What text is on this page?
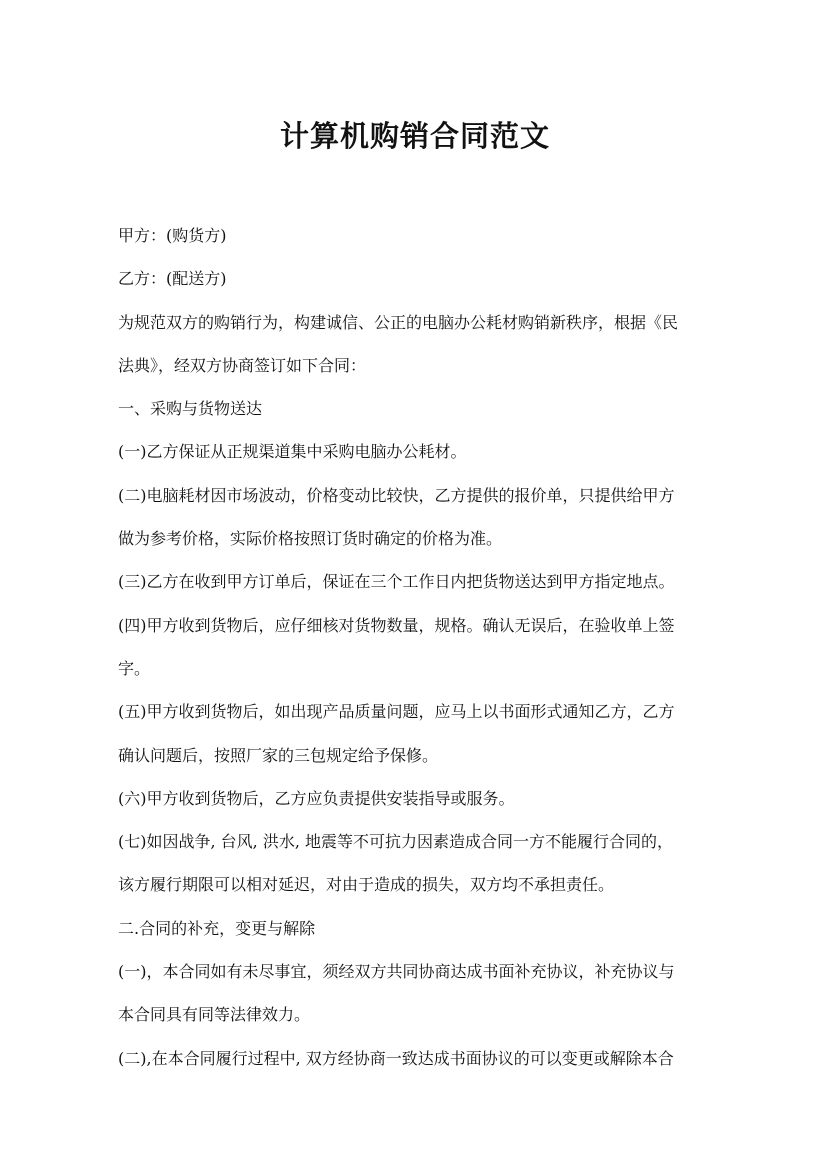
计算机购销合同范文
甲方：(购货方)
乙方：(配送方)
为规范双方的购销行为，构建诚信、公正的电脑办公耗材购销新秩序，根据《民
法典》，经双方协商签订如下合同：
一、采购与货物送达
(一)乙方保证从正规渠道集中采购电脑办公耗材。
(二)电脑耗材因市场波动，价格变动比较快，乙方提供的报价单，只提供给甲方
做为参考价格，实际价格按照订货时确定的价格为准。
(三)乙方在收到甲方订单后，保证在三个工作日内把货物送达到甲方指定地点。
(四)甲方收到货物后，应仔细核对货物数量，规格。确认无误后，在验收单上签
字。
(五)甲方收到货物后，如出现产品质量问题，应马上以书面形式通知乙方，乙方
确认问题后，按照厂家的三包规定给予保修。
(六)甲方收到货物后，乙方应负责提供安装指导或服务。
(七)如因战争, 台风, 洪水, 地震等不可抗力因素造成合同一方不能履行合同的，
该方履行期限可以相对延迟，对由于造成的损失，双方均不承担责任。
二.合同的补充，变更与解除
(一)，本合同如有未尽事宜，须经双方共同协商达成书面补充协议，补充协议与
本合同具有同等法律效力。
(二),在本合同履行过程中, 双方经协商一致达成书面协议的可以变更或解除本合
